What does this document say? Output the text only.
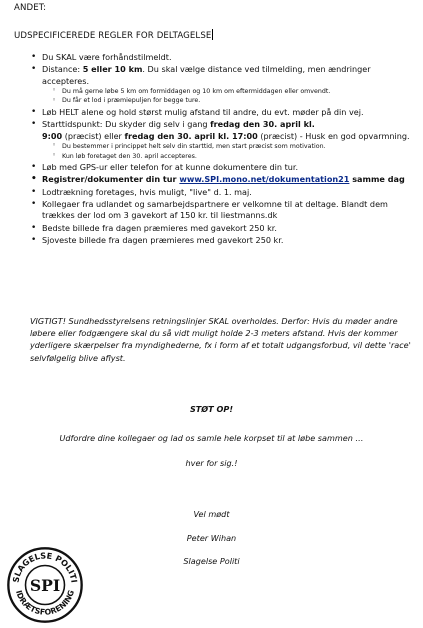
ANDET:
UDSPECIFICEREDE REGLER FOR DELTAGELSE
• Du SKAL være forhåndstilmeldt.
• Distance: 5 eller 10 km. Du skal vælge distance ved tilmelding, men ændringer accepteres.
◦ Du må gerne løbe 5 km om formiddagen og 10 km om eftermiddagen eller omvendt.
◦ Du får et lod i præmiepuljen for begge ture.
• Løb HELT alene og hold størst mulig afstand til andre, du evt. møder på din vej.
• Starttidspunkt: Du skyder dig selv i gang fredag den 30. april kl.
9:00 (præcist) eller fredag den 30. april kl. 17:00 (præcist) - Husk en god opvarmning.
◦ Du bestemmer i princippet helt selv din starttid, men start præcist som motivation.
◦ Kun løb foretaget den 30. april accepteres.
• Løb med GPS-ur eller telefon for at kunne dokumentere din tur.
• Registrer/dokumenter din tur www.SPI.mono.net/dokumentation21 samme dag
• Lodtrækning foretages, hvis muligt, "live" d. 1. maj.
• Kollegaer fra udlandet og samarbejdspartnere er velkomne til at deltage. Blandt dem trækkes der lod om 3 gavekort af 150 kr. til liestmanns.dk
• Bedste billede fra dagen præmieres med gavekort 250 kr.
• Sjoveste billede fra dagen præmieres med gavekort 250 kr.
VIGTIGT! Sundhedsstyrelsens retningslinjer SKAL overholdes. Derfor: Hvis du møder andre løbere eller fodgængere skal du så vidt muligt holde 2-3 meters afstand. Hvis der kommer yderligere skærpelser fra myndighederne, fx i form af et totalt udgangsforbud, vil dette 'race' selvfølgelig blive aflyst.
STØT OP!
Udfordre dine kollegaer og lad os samle hele korpset til at løbe sammen …
hver for sig.!
Vel mødt
Peter Wihan
Slagelse Politi
SLAGELSE POLITI
IDRÆTSFORENING
SPI
